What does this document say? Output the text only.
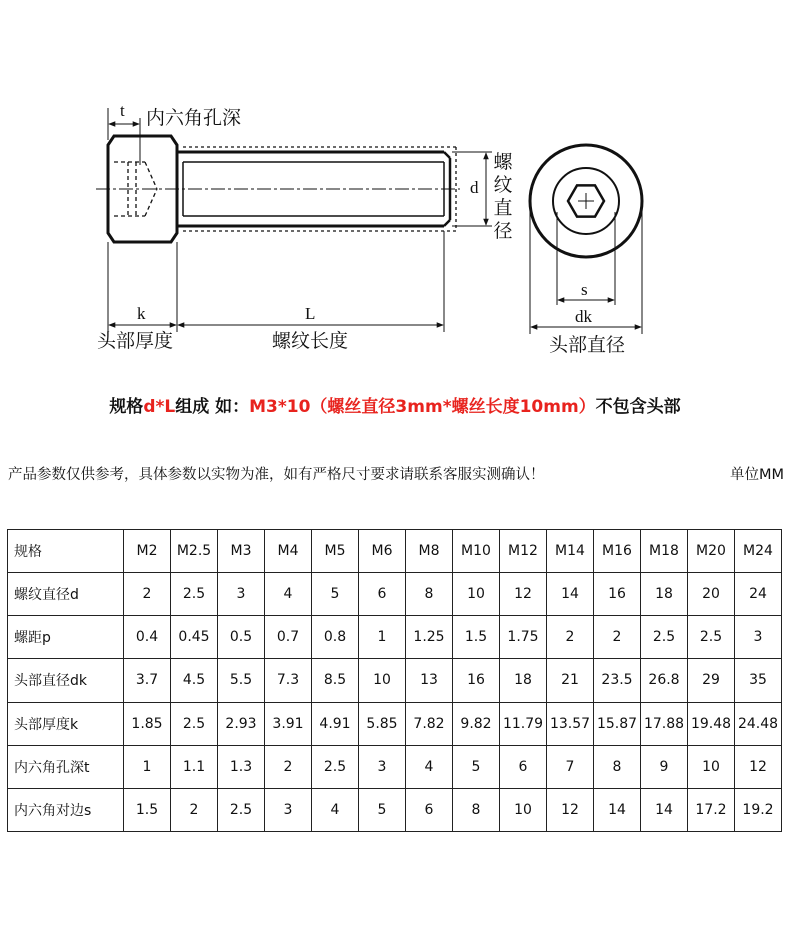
t 内六角孔深
d
螺
纹
直
径
k
头部厚度
L
螺纹长度
s
dk
头部直径
规格d*L组成 如：M3*10（螺丝直径3mm*螺丝长度10mm）不包含头部
产品参数仅供参考，具体参数以实物为准，如有严格尺寸要求请联系客服实测确认！	单位MM
规格	M2	M2.5	M3	M4	M5	M6	M8	M10	M12	M14	M16	M18	M20	M24
螺纹直径d	2	2.5	3	4	5	6	8	10	12	14	16	18	20	24
螺距p	0.4	0.45	0.5	0.7	0.8	1	1.25	1.5	1.75	2	2	2.5	2.5	3
头部直径dk	3.7	4.5	5.5	7.3	8.5	10	13	16	18	21	23.5	26.8	29	35
头部厚度k	1.85	2.5	2.93	3.91	4.91	5.85	7.82	9.82	11.79	13.57	15.87	17.88	19.48	24.48
内六角孔深t	1	1.1	1.3	2	2.5	3	4	5	6	7	8	9	10	12
内六角对边s	1.5	2	2.5	3	4	5	6	8	10	12	14	14	17.2	19.2
